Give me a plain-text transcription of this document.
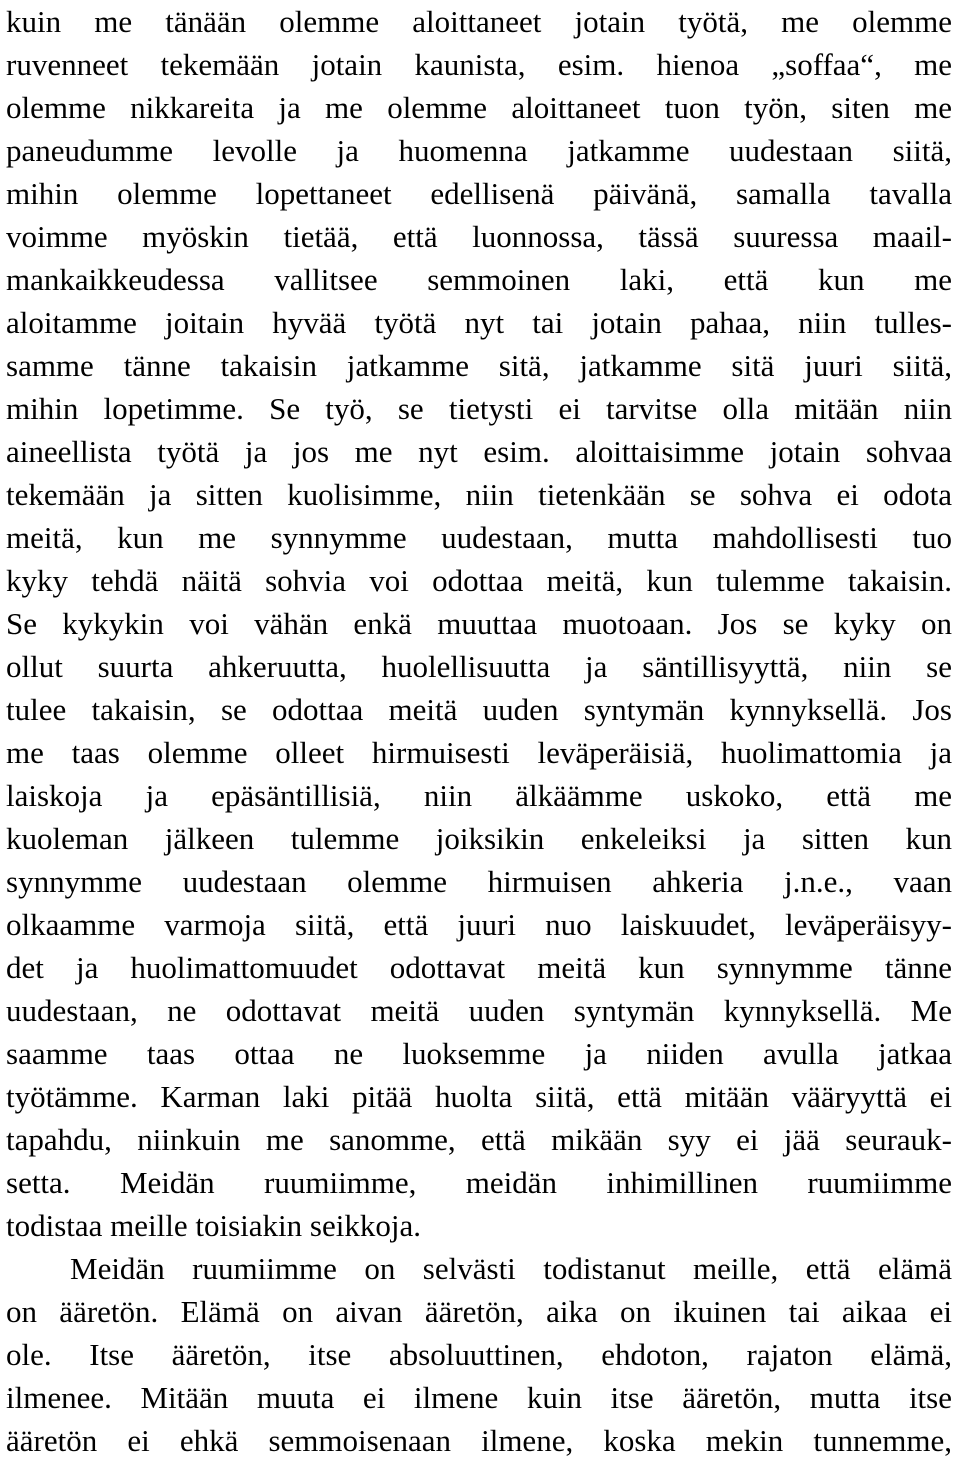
kuin me tänään olemme aloittaneet jotain työtä, me olemme
ruvenneet tekemään jotain kaunista, esim. hienoa „soffaa“, me
olemme nikkareita ja me olemme aloittaneet tuon työn, siten me
paneudumme levolle ja huomenna jatkamme uudestaan siitä,
mihin olemme lopettaneet edellisenä päivänä, samalla tavalla
voimme myöskin tietää, että luonnossa, tässä suuressa maail-
mankaikkeudessa vallitsee semmoinen laki, että kun me
aloitamme joitain hyvää työtä nyt tai jotain pahaa, niin tulles-
samme tänne takaisin jatkamme sitä, jatkamme sitä juuri siitä,
mihin lopetimme. Se työ, se tietysti ei tarvitse olla mitään niin
aineellista työtä ja jos me nyt esim. aloittaisimme jotain sohvaa
tekemään ja sitten kuolisimme, niin tietenkään se sohva ei odota
meitä, kun me synnymme uudestaan, mutta mahdollisesti tuo
kyky tehdä näitä sohvia voi odottaa meitä, kun tulemme takaisin.
Se kykykin voi vähän enkä muuttaa muotoaan. Jos se kyky on
ollut suurta ahkeruutta, huolellisuutta ja säntillisyyttä, niin se
tulee takaisin, se odottaa meitä uuden syntymän kynnyksellä. Jos
me taas olemme olleet hirmuisesti leväperäisiä, huolimattomia ja
laiskoja ja epäsäntillisiä, niin älkäämme uskoko, että me
kuoleman jälkeen tulemme joiksikin enkeleiksi ja sitten kun
synnymme uudestaan olemme hirmuisen ahkeria j.n.e., vaan
olkaamme varmoja siitä, että juuri nuo laiskuudet, leväperäisyy-
det ja huolimattomuudet odottavat meitä kun synnymme tänne
uudestaan, ne odottavat meitä uuden syntymän kynnyksellä. Me
saamme taas ottaa ne luoksemme ja niiden avulla jatkaa
työtämme. Karman laki pitää huolta siitä, että mitään vääryyttä ei
tapahdu, niinkuin me sanomme, että mikään syy ei jää seurauk-
setta. Meidän ruumiimme, meidän inhimillinen ruumiimme
todistaa meille toisiakin seikkoja.
Meidän ruumiimme on selvästi todistanut meille, että elämä
on ääretön. Elämä on aivan ääretön, aika on ikuinen tai aikaa ei
ole. Itse ääretön, itse absoluuttinen, ehdoton, rajaton elämä,
ilmenee. Mitään muuta ei ilmene kuin itse ääretön, mutta itse
ääretön ei ehkä semmoisenaan ilmene, koska mekin tunnemme,
